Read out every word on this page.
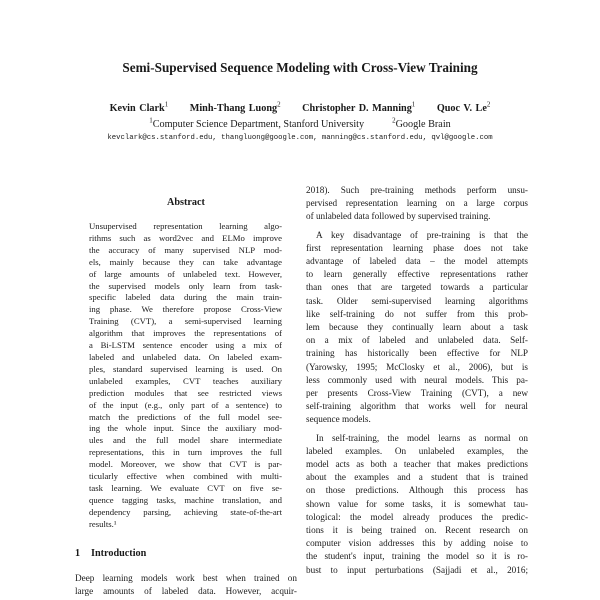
Semi-Supervised Sequence Modeling with Cross-View Training
Kevin Clark$^1$ Minh-Thang Luong$^2$ Christopher D. Manning$^1$ Quoc V. Le$^2$
$^1$Computer Science Department, Stanford University	$^2$Google Brain
kevclark@cs.stanford.edu, thangluong@google.com, manning@cs.stanford.edu, qvl@google.com
Abstract
Unsupervised representation learning algo-
rithms such as word2vec and ELMo improve
the accuracy of many supervised NLP mod-
els, mainly because they can take advantage
of large amounts of unlabeled text. However,
the supervised models only learn from task-
specific labeled data during the main train-
ing phase. We therefore propose Cross-View
Training (CVT), a semi-supervised learning
algorithm that improves the representations of
a Bi-LSTM sentence encoder using a mix of
labeled and unlabeled data. On labeled exam-
ples, standard supervised learning is used. On
unlabeled examples, CVT teaches auxiliary
prediction modules that see restricted views
of the input (e.g., only part of a sentence) to
match the predictions of the full model see-
ing the whole input. Since the auxiliary mod-
ules and the full model share intermediate
representations, this in turn improves the full
model. Moreover, we show that CVT is par-
ticularly effective when combined with multi-
task learning. We evaluate CVT on five se-
quence tagging tasks, machine translation, and
dependency parsing, achieving state-of-the-art
results.¹
1 Introduction
Deep learning models work best when trained on
large amounts of labeled data. However, acquir-
2018). Such pre-training methods perform unsu-
pervised representation learning on a large corpus
of unlabeled data followed by supervised training.
A key disadvantage of pre-training is that the
first representation learning phase does not take
advantage of labeled data – the model attempts
to learn generally effective representations rather
than ones that are targeted towards a particular
task. Older semi-supervised learning algorithms
like self-training do not suffer from this prob-
lem because they continually learn about a task
on a mix of labeled and unlabeled data. Self-
training has historically been effective for NLP
(Yarowsky, 1995; McClosky et al., 2006), but is
less commonly used with neural models. This pa-
per presents Cross-View Training (CVT), a new
self-training algorithm that works well for neural
sequence models.
In self-training, the model learns as normal on
labeled examples. On unlabeled examples, the
model acts as both a teacher that makes predictions
about the examples and a student that is trained
on those predictions. Although this process has
shown value for some tasks, it is somewhat tau-
tological: the model already produces the predic-
tions it is being trained on. Recent research on
computer vision addresses this by adding noise to
the student's input, training the model so it is ro-
bust to input perturbations (Sajjadi et al., 2016;
